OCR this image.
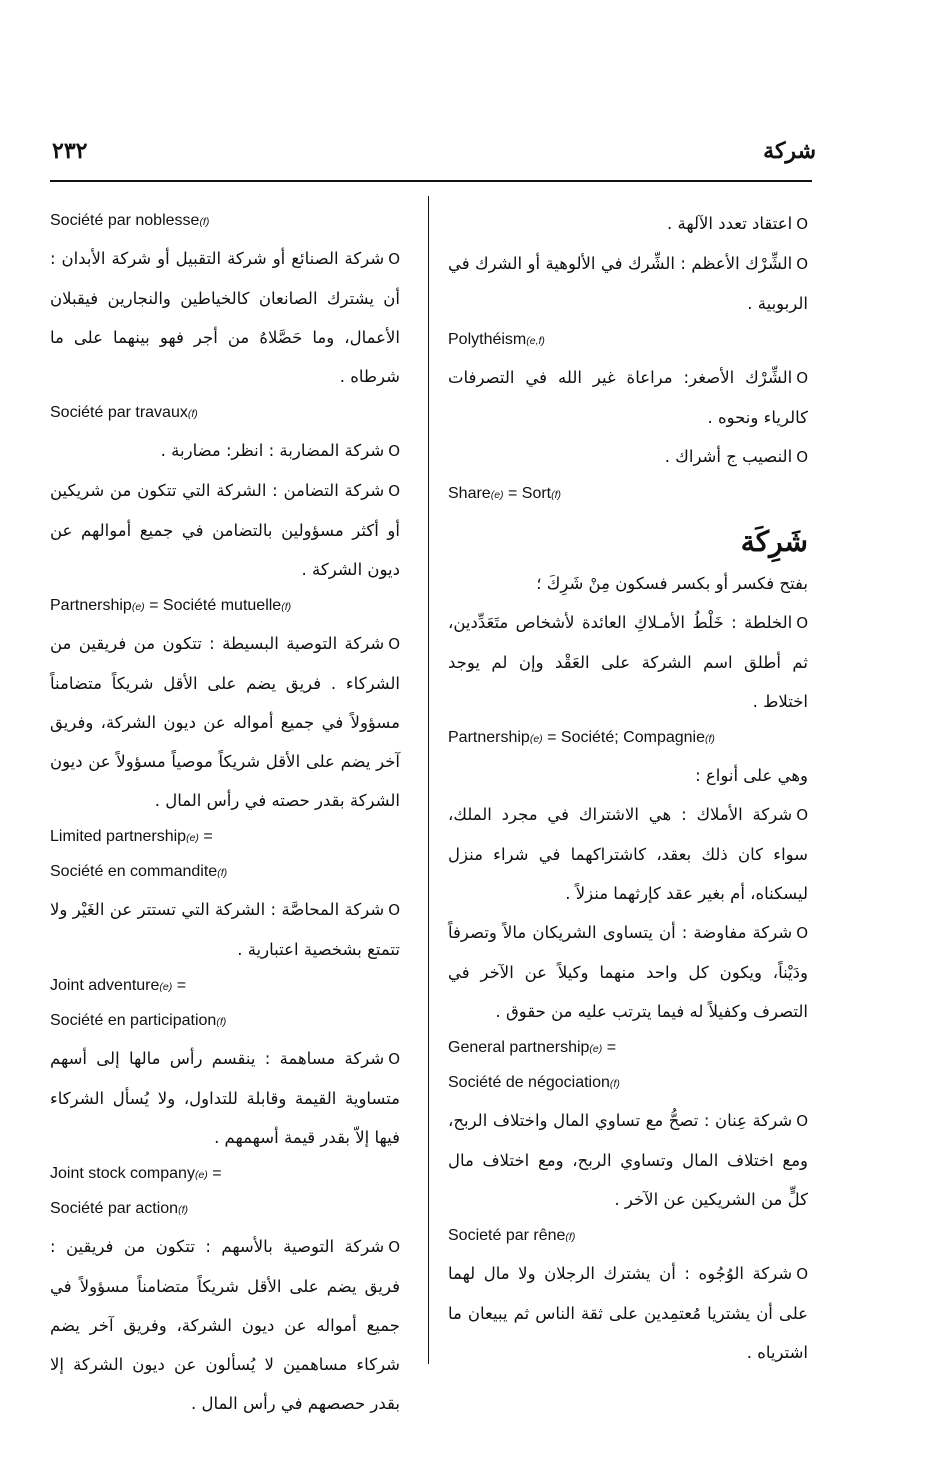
شركة
٢٣٢

Oاعتقاد تعدد الآلهة .

Oالشِّرْك الأعظم : الشِّرك في الألوهية أو الشرك في الربوبية .

Polythéism(e,f)

Oالشِّرْك الأصغر: مراعاة غير الله في التصرفات كالرياء ونحوه .

Oالنصيب ج أشراك .

Share(e) = Sort(f)

شَرِكَة

بفتح فكسر أو بكسر فسكون مِنْ شَرِكَ ؛

Oالخلطة : خَلْطُ الأمـلاكِ العائدة لأشخاص متَعَدِّدين، ثم أطلق اسم الشركة على العَقْد وإن لم يوجد اختلاط .

Partnership(e) = Société; Compagnie(f)

وهي على أنواع :

Oشركة الأملاك : هي الاشتراك في مجرد الملك، سواء كان ذلك بعقد، كاشتراكهما في شراء منزل ليسكناه، أم بغير عقد كإرثهما منزلاً .

Oشركة مفاوضة : أن يتساوى الشريكان مالاً وتصرفاً ودَيْناً، ويكون كل واحد منهما وكيلاً عن الآخر في التصرف وكفيلاً له فيما يترتب عليه من حقوق .

General partnership(e) =

Société de négociation(f)

Oشركة عِنان : تصحُّ مع تساوي المال واختلاف الربح، ومع اختلاف المال وتساوي الربح، ومع اختلاف مال كلٍّ من الشريكين عن الآخر .

Societé par rêne(f)

Oشركة الوُجُوه : أن يشترك الرجلان ولا مال لهما على أن يشتريا مُعتمِدين على ثقة الناس ثم يبيعان ما اشترياه .

Société par noblesse(f)

Oشركة الصنائع أو شركة التقبيل أو شركة الأبدان : أن يشترك الصانعان كالخياطين والنجارين فيقبلان الأعمال، وما حَصَّلاهُ من أجر فهو بينهما على ما شرطاه .

Société par travaux(f)

Oشركة المضاربة : انظر: مضاربة .

Oشركة التضامن : الشركة التي تتكون من شريكين أو أكثر مسؤولين بالتضامن في جميع أموالهم عن ديون الشركة .

Partnership(e) = Société mutuelle(f)

Oشركة التوصية البسيطة : تتكون من فريقين من الشركاء . فريق يضم على الأقل شريكاً متضامناً مسؤولاً في جميع أمواله عن ديون الشركة، وفريق آخر يضم على الأقل شريكاً موصياً مسؤولاً عن ديون الشركة بقدر حصته في رأس المال .

Limited partnership(e) =

Société en commandite(f)

Oشركة المحاصَّة : الشركة التي تستتر عن الغَيْر ولا تتمتع بشخصية اعتبارية .

Joint adventure(e) =

Société en participation(f)

Oشركة مساهمة : ينقسم رأس مالها إلى أسهم متساوية القيمة وقابلة للتداول، ولا يُسأل الشركاء فيها إلاّ بقدر قيمة أسهمهم .

Joint stock company(e) =

Société par action(f)

Oشركة التوصية بالأسهم : تتكون من فريقين : فريق يضم على الأقل شريكاً متضامناً مسؤولاً في جميع أمواله عن ديون الشركة، وفريق آخر يضم شركاء مساهمين لا يُسألون عن ديون الشركة إلا بقدر حصصهم في رأس المال .
